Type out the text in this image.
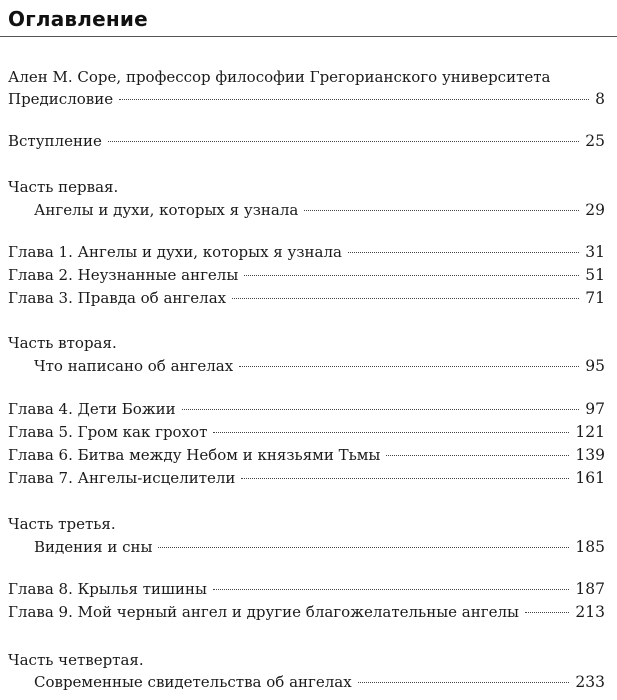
Оглавление
Ален М. Соре, профессор философии Грегорианского университета
Предисловие	8
Вступление	25
Часть первая.
Ангелы и духи, которых я узнала	29
Глава 1. Ангелы и духи, которых я узнала	31
Глава 2. Неузнанные ангелы	51
Глава 3. Правда об ангелах	71
Часть вторая.
Что написано об ангелах	95
Глава 4. Дети Божии	97
Глава 5. Гром как грохот	121
Глава 6. Битва между Небом и князьями Тьмы	139
Глава 7. Ангелы-исцелители	161
Часть третья.
Видения и сны	185
Глава 8. Крылья тишины	187
Глава 9. Мой черный ангел и другие благожелательные ангелы	213
Часть четвертая.
Современные свидетельства об ангелах	233
